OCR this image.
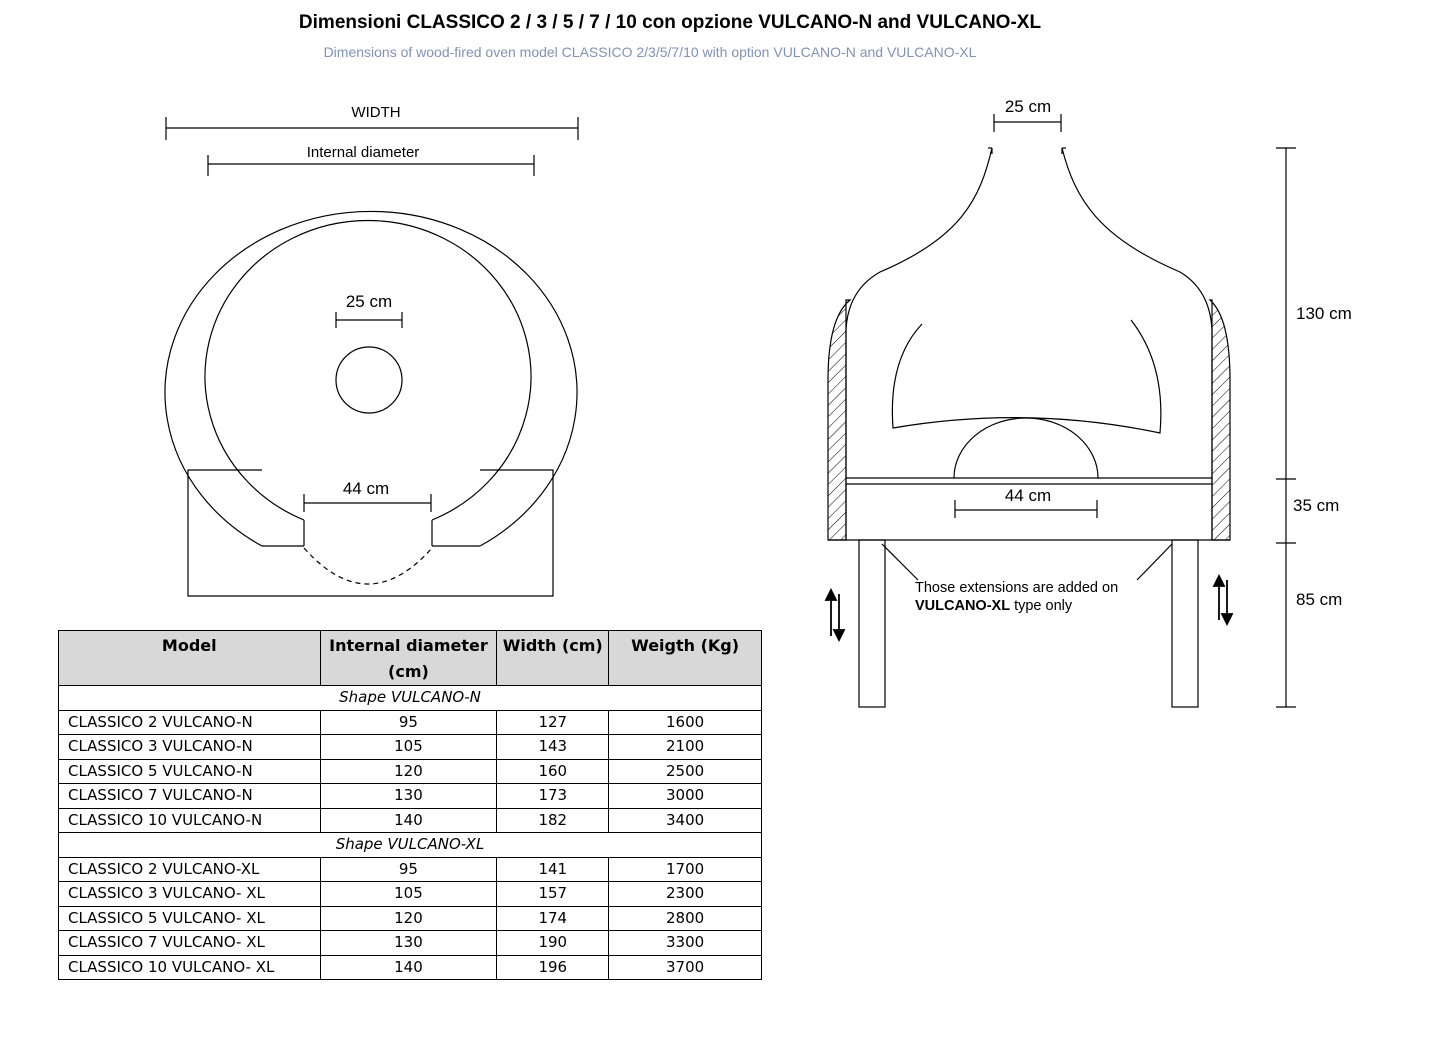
Dimensioni CLASSICO 2 / 3 / 5 / 7 / 10 con opzione VULCANO-N and VULCANO-XL
Dimensions of wood-fired oven model CLASSICO 2/3/5/7/10 with option VULCANO-N and VULCANO-XL
WIDTH
Internal diameter
25 cm
44 cm
25 cm
44 cm
130 cm
35 cm
85 cm
Those extensions are added on
VULCANO-XL type only
Model	Internal diameter (cm)	Width (cm)	Weigth (Kg)
Shape VULCANO-N			
CLASSICO 2 VULCANO-N	95	127	1600
CLASSICO 3 VULCANO-N	105	143	2100
CLASSICO 5 VULCANO-N	120	160	2500
CLASSICO 7 VULCANO-N	130	173	3000
CLASSICO 10 VULCANO-N	140	182	3400
Shape VULCANO-XL			
CLASSICO 2 VULCANO-XL	95	141	1700
CLASSICO 3 VULCANO- XL	105	157	2300
CLASSICO 5 VULCANO- XL	120	174	2800
CLASSICO 7 VULCANO- XL	130	190	3300
CLASSICO 10 VULCANO- XL	140	196	3700
